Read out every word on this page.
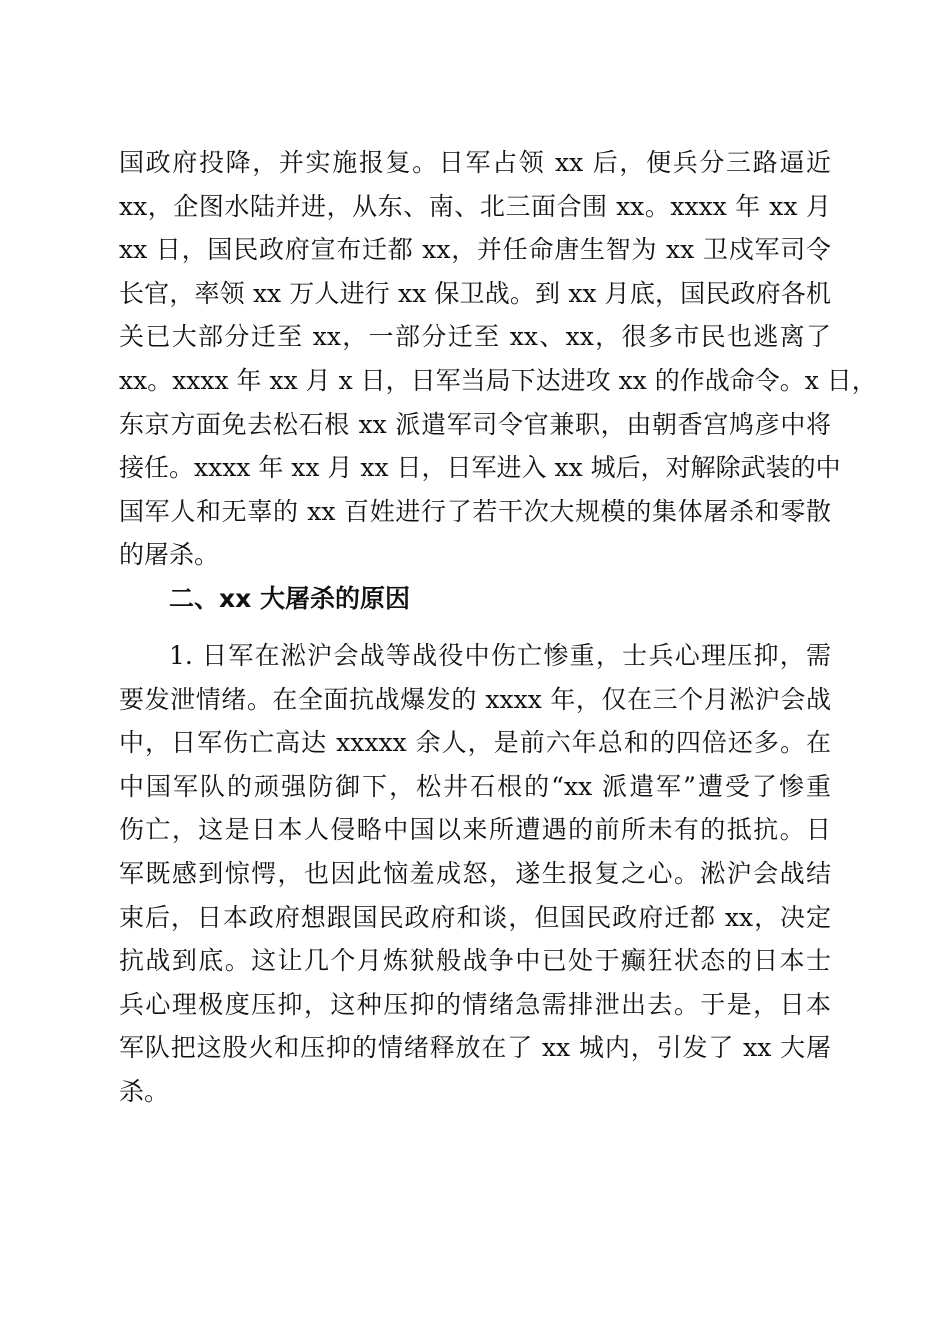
国政府投降，并实施报复。日军占领 xx 后，便兵分三路逼近
xx，企图水陆并进，从东、南、北三面合围 xx。xxxx 年 xx 月
xx 日，国民政府宣布迁都 xx，并任命唐生智为 xx 卫戍军司令
长官，率领 xx 万人进行 xx 保卫战。到 xx 月底，国民政府各机
关已大部分迁至 xx，一部分迁至 xx、xx，很多市民也逃离了
xx。xxxx 年 xx 月 x 日，日军当局下达进攻 xx 的作战命令。x 日，
东京方面免去松石根 xx 派遣军司令官兼职，由朝香宫鸠彦中将
接任。xxxx 年 xx 月 xx 日，日军进入 xx 城后，对解除武装的中
国军人和无辜的 xx 百姓进行了若干次大规模的集体屠杀和零散
的屠杀。
二、xx 大屠杀的原因
1. 日军在淞沪会战等战役中伤亡惨重，士兵心理压抑，需
要发泄情绪。在全面抗战爆发的 xxxx 年，仅在三个月淞沪会战
中，日军伤亡高达 xxxxx 余人，是前六年总和的四倍还多。在
中国军队的顽强防御下，松井石根的“xx 派遣军”遭受了惨重
伤亡，这是日本人侵略中国以来所遭遇的前所未有的抵抗。日
军既感到惊愕，也因此恼羞成怒，遂生报复之心。淞沪会战结
束后，日本政府想跟国民政府和谈，但国民政府迁都 xx，决定
抗战到底。这让几个月炼狱般战争中已处于癫狂状态的日本士
兵心理极度压抑，这种压抑的情绪急需排泄出去。于是，日本
军队把这股火和压抑的情绪释放在了 xx 城内，引发了 xx 大屠
杀。
